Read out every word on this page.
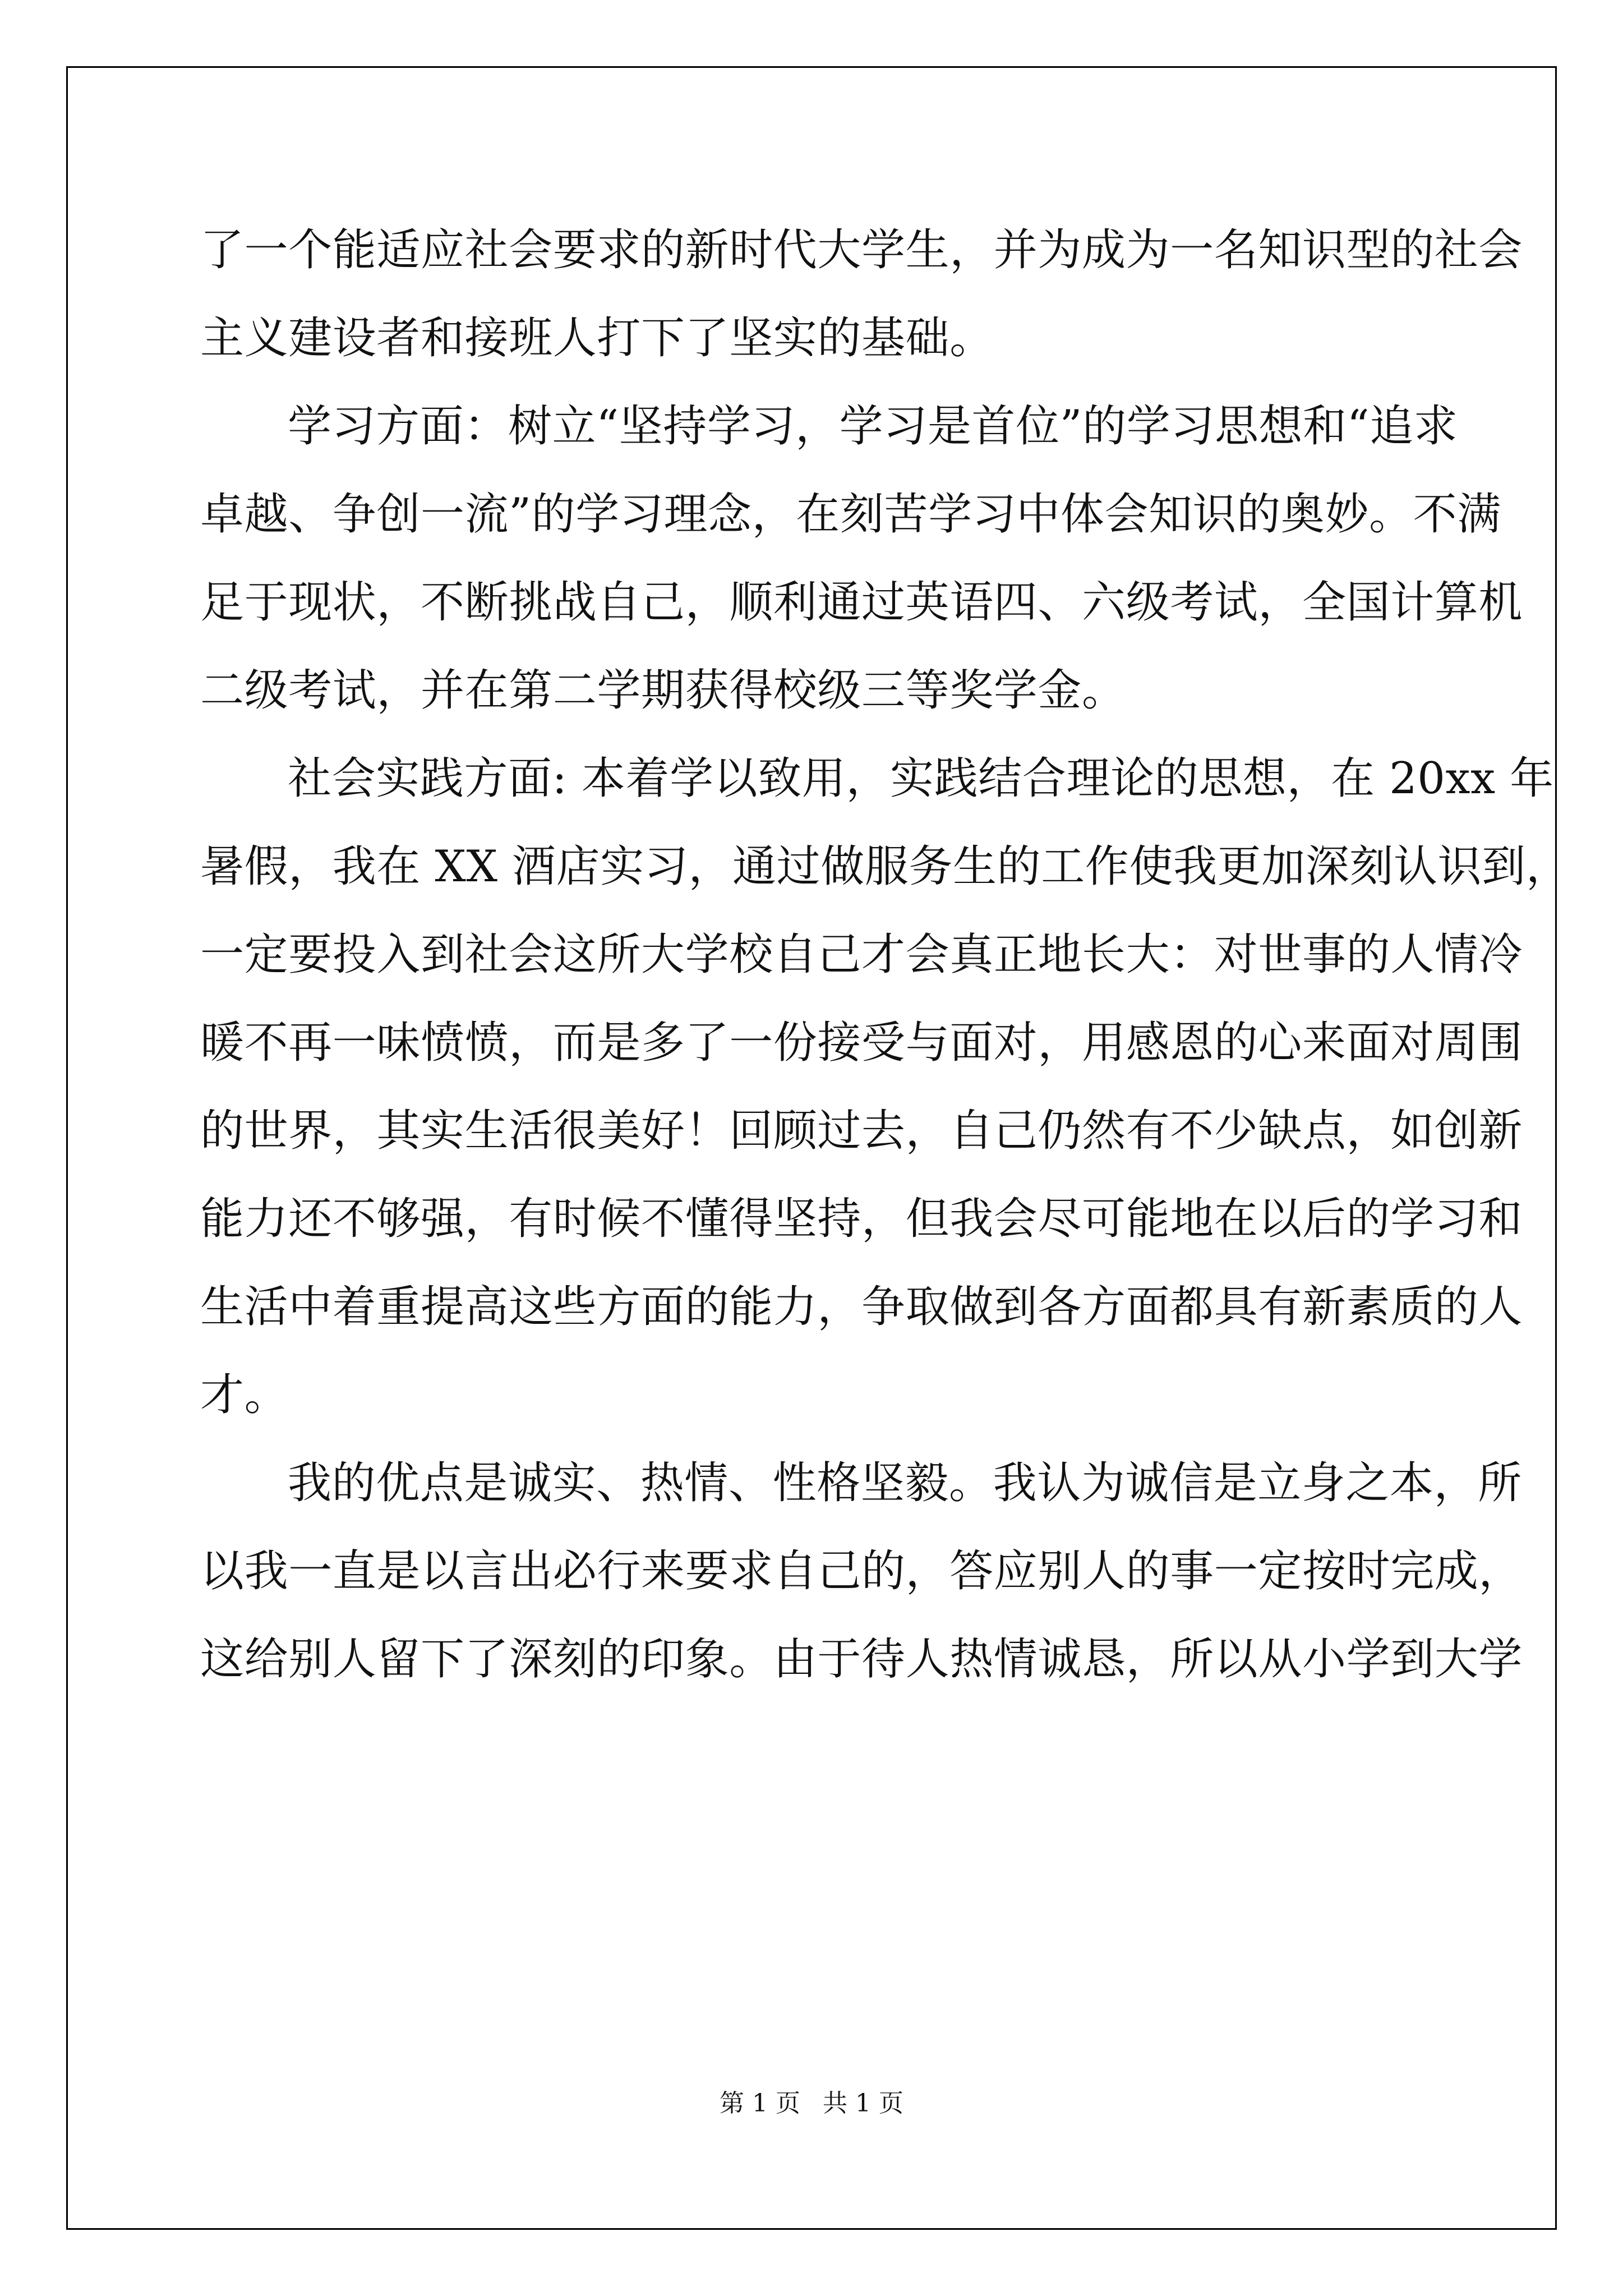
了一个能适应社会要求的新时代大学生，并为成为一名知识型的社会
主义建设者和接班人打下了坚实的基础。
学习方面：树立“坚持学习，学习是首位”的学习思想和“追求
卓越、争创一流”的学习理念，在刻苦学习中体会知识的奥妙。不满
足于现状，不断挑战自己，顺利通过英语四、六级考试，全国计算机
二级考试，并在第二学期获得校级三等奖学金。
社会实践方面: 本着学以致用，实践结合理论的思想，在 20xx 年
暑假，我在 XX 酒店实习，通过做服务生的工作使我更加深刻认识到，
一定要投入到社会这所大学校自己才会真正地长大：对世事的人情冷
暖不再一味愤愤，而是多了一份接受与面对，用感恩的心来面对周围
的世界，其实生活很美好！回顾过去，自己仍然有不少缺点，如创新
能力还不够强，有时候不懂得坚持，但我会尽可能地在以后的学习和
生活中着重提高这些方面的能力，争取做到各方面都具有新素质的人
才。
我的优点是诚实、热情、性格坚毅。我认为诚信是立身之本，所
以我一直是以言出必行来要求自己的，答应别人的事一定按时完成，
这给别人留下了深刻的印象。由于待人热情诚恳，所以从小学到大学
第 1 页 共 1 页
